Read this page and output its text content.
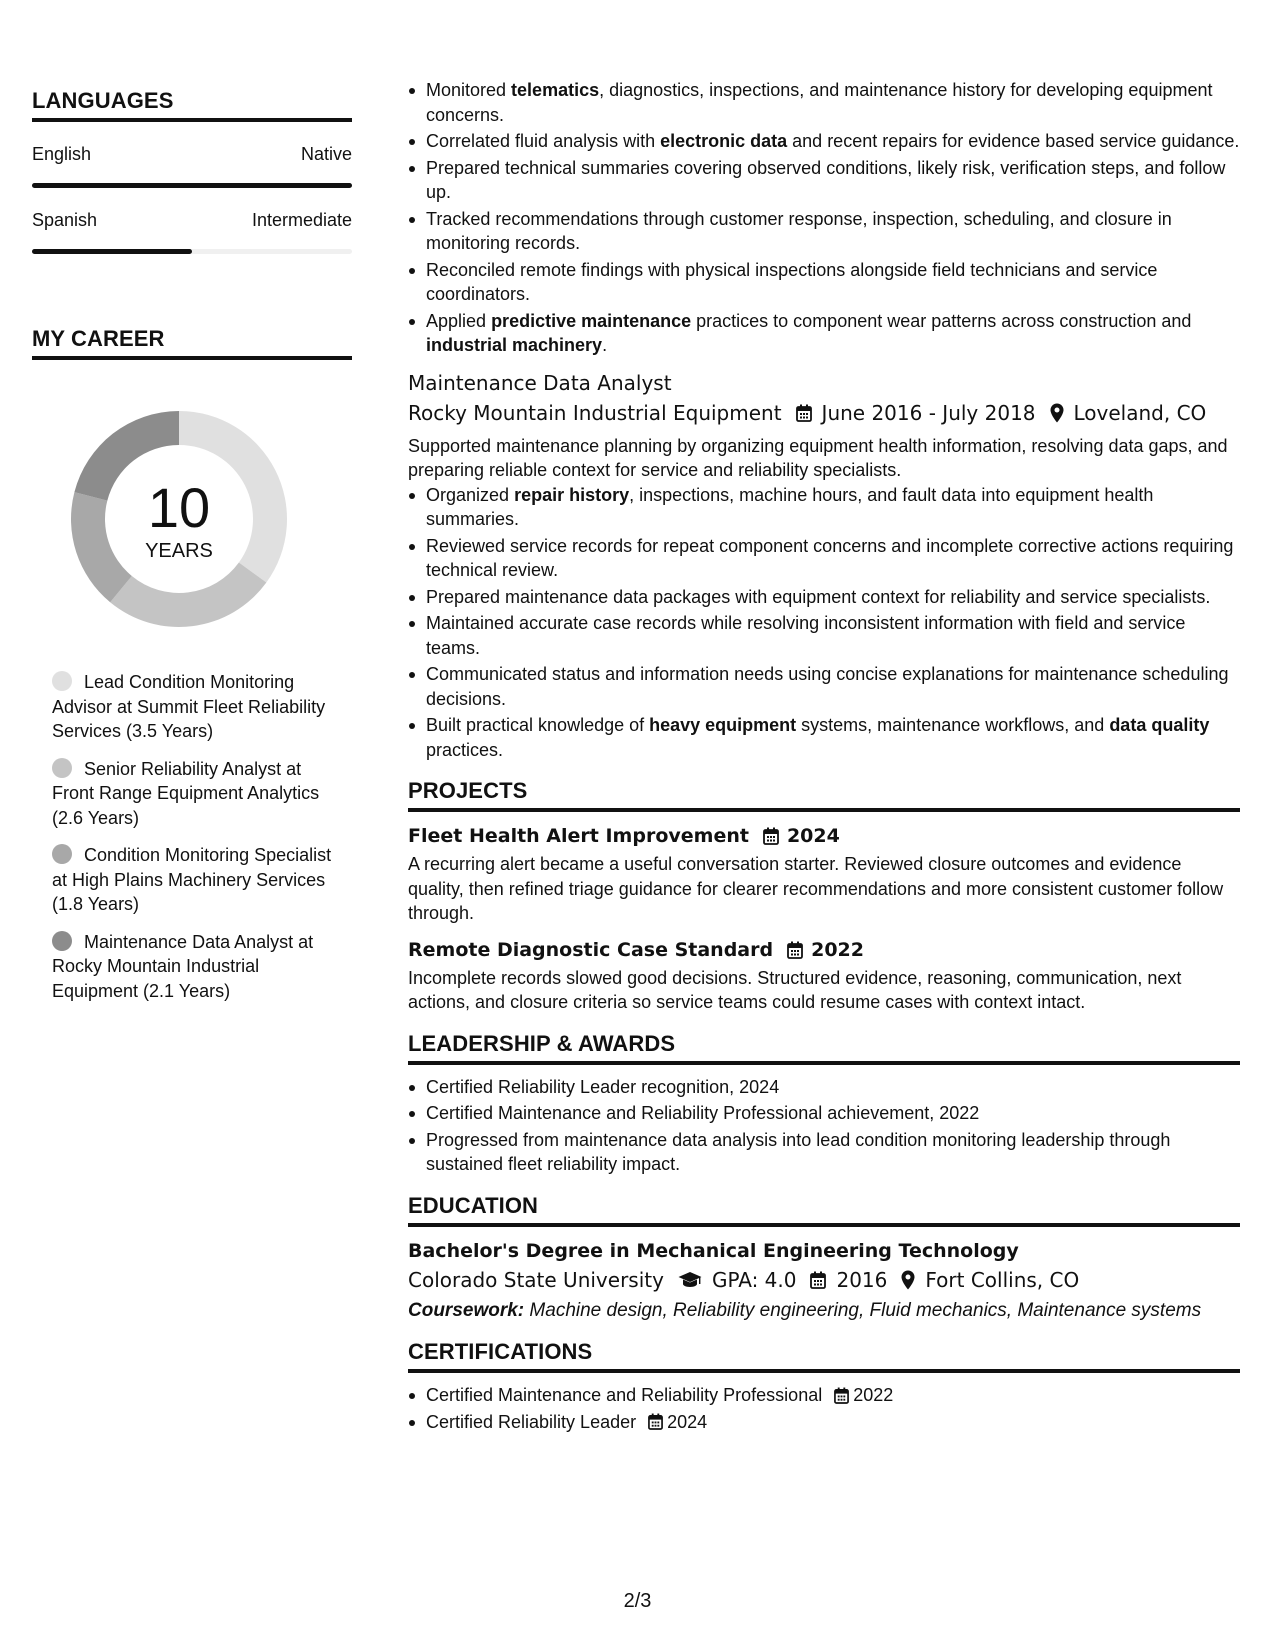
LANGUAGES
English	Native
Spanish	Intermediate
MY CAREER
10
YEARS
Lead Condition Monitoring Advisor at Summit Fleet Reliability Services (3.5 Years)
Senior Reliability Analyst at Front Range Equipment Analytics (2.6 Years)
Condition Monitoring Specialist at High Plains Machinery Services (1.8 Years)
Maintenance Data Analyst at Rocky Mountain Industrial Equipment (2.1 Years)
Monitored telematics, diagnostics, inspections, and maintenance history for developing equipment concerns.
Correlated fluid analysis with electronic data and recent repairs for evidence based service guidance.
Prepared technical summaries covering observed conditions, likely risk, verification steps, and follow up.
Tracked recommendations through customer response, inspection, scheduling, and closure in monitoring records.
Reconciled remote findings with physical inspections alongside field technicians and service coordinators.
Applied predictive maintenance practices to component wear patterns across construction and industrial machinery.
Maintenance Data Analyst
Rocky Mountain Industrial Equipment June 2016 - July 2018 Loveland, CO
Supported maintenance planning by organizing equipment health information, resolving data gaps, and preparing reliable context for service and reliability specialists.
Organized repair history, inspections, machine hours, and fault data into equipment health summaries.
Reviewed service records for repeat component concerns and incomplete corrective actions requiring technical review.
Prepared maintenance data packages with equipment context for reliability and service specialists.
Maintained accurate case records while resolving inconsistent information with field and service teams.
Communicated status and information needs using concise explanations for maintenance scheduling decisions.
Built practical knowledge of heavy equipment systems, maintenance workflows, and data quality practices.
PROJECTS
Fleet Health Alert Improvement 2024
A recurring alert became a useful conversation starter. Reviewed closure outcomes and evidence quality, then refined triage guidance for clearer recommendations and more consistent customer follow through.
Remote Diagnostic Case Standard 2022
Incomplete records slowed good decisions. Structured evidence, reasoning, communication, next actions, and closure criteria so service teams could resume cases with context intact.
LEADERSHIP & AWARDS
Certified Reliability Leader recognition, 2024
Certified Maintenance and Reliability Professional achievement, 2022
Progressed from maintenance data analysis into lead condition monitoring leadership through sustained fleet reliability impact.
EDUCATION
Bachelor's Degree in Mechanical Engineering Technology
Colorado State University GPA: 4.0 2016 Fort Collins, CO
Coursework: Machine design, Reliability engineering, Fluid mechanics, Maintenance systems
CERTIFICATIONS
Certified Maintenance and Reliability Professional 2022
Certified Reliability Leader 2024
2/3
